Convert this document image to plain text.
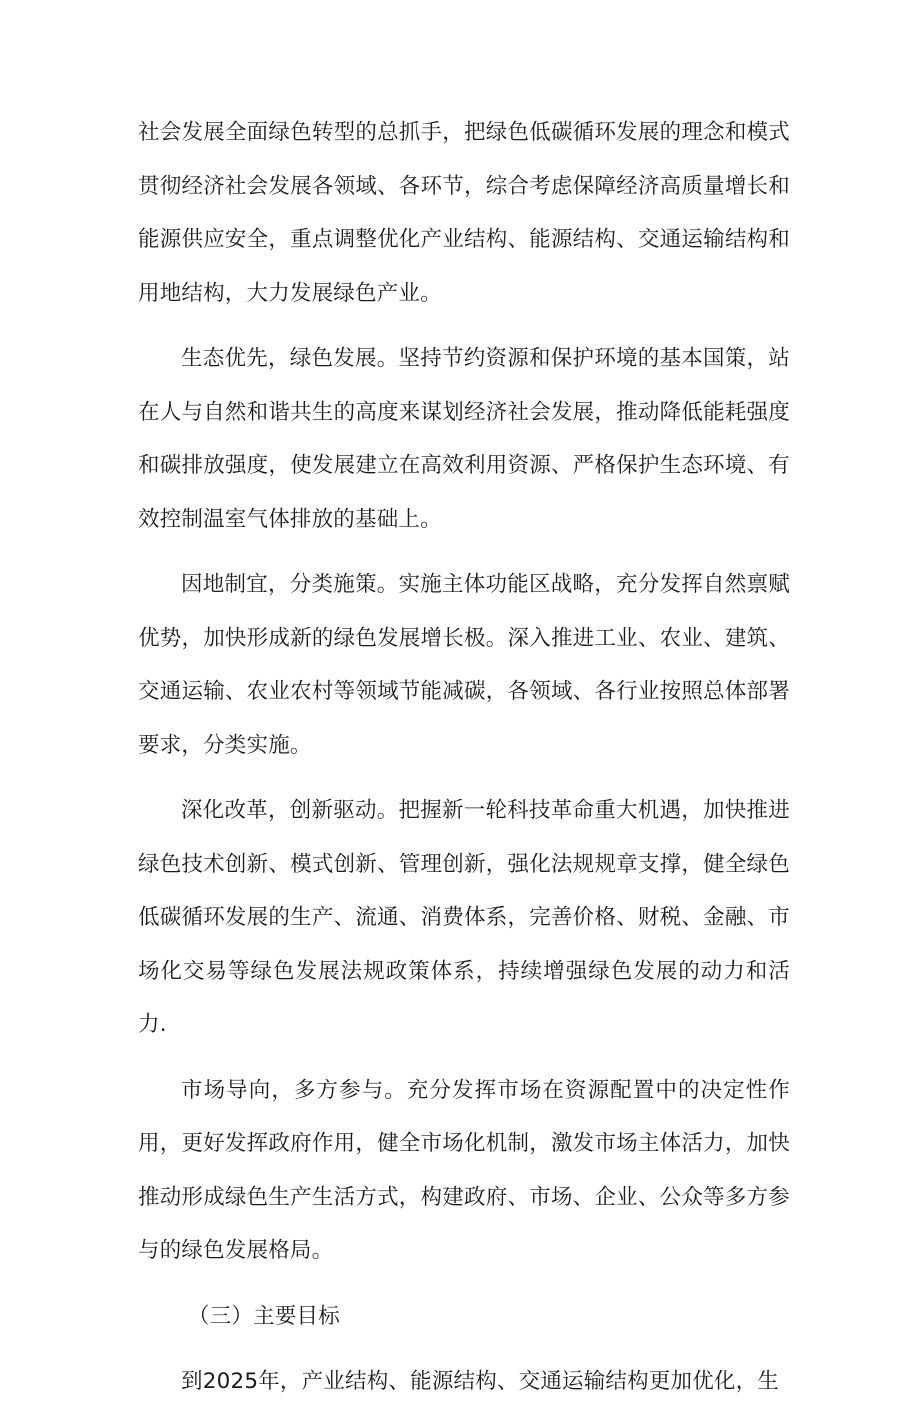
社会发展全面绿色转型的总抓手，把绿色低碳循环发展的理念和模式贯彻经济社会发展各领域、各环节，综合考虑保障经济高质量增长和能源供应安全，重点调整优化产业结构、能源结构、交通运输结构和用地结构，大力发展绿色产业。

生态优先，绿色发展。坚持节约资源和保护环境的基本国策，站在人与自然和谐共生的高度来谋划经济社会发展，推动降低能耗强度和碳排放强度，使发展建立在高效利用资源、严格保护生态环境、有效控制温室气体排放的基础上。

因地制宜，分类施策。实施主体功能区战略，充分发挥自然禀赋优势，加快形成新的绿色发展增长极。深入推进工业、农业、建筑、交通运输、农业农村等领域节能减碳，各领域、各行业按照总体部署要求，分类实施。

深化改革，创新驱动。把握新一轮科技革命重大机遇，加快推进绿色技术创新、模式创新、管理创新，强化法规规章支撑，健全绿色低碳循环发展的生产、流通、消费体系，完善价格、财税、金融、市场化交易等绿色发展法规政策体系，持续增强绿色发展的动力和活力.

市场导向，多方参与。充分发挥市场在资源配置中的决定性作用，更好发挥政府作用，健全市场化机制，激发市场主体活力，加快推动形成绿色生产生活方式，构建政府、市场、企业、公众等多方参与的绿色发展格局。

（三）主要目标

到2025年，产业结构、能源结构、交通运输结构更加优化，生
